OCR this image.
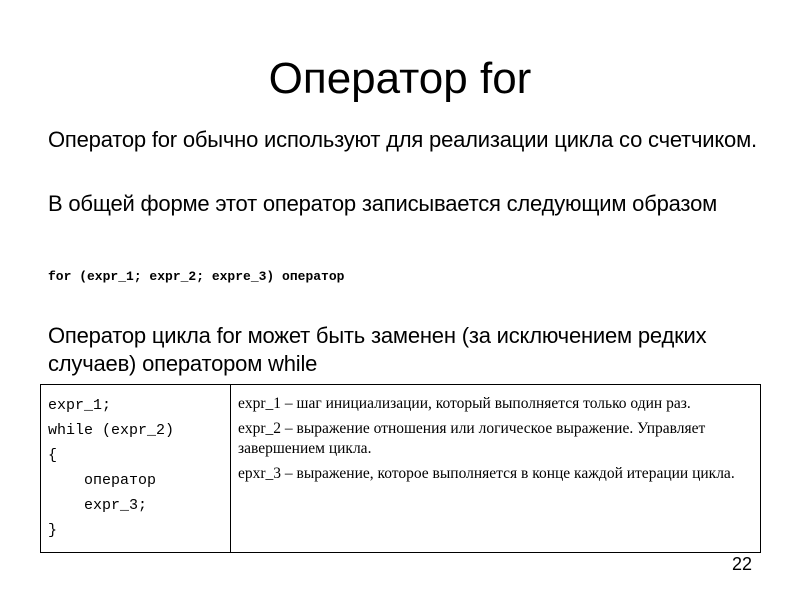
Оператор for

Оператор for обычно используют для реализации цикла со счетчиком.

В общей форме этот оператор записывается следующим образом

for (expr_1; expr_2; expre_3) оператор

Оператор цикла for может быть заменен (за исключением редких случаев) оператором while

expr_1;
while (expr_2)
{
оператор
expr_3;
}

expr_1 – шаг инициализации, который выполняется только один раз.

expr_2 – выражение отношения или логическое выражение. Управляет завершением цикла.

epxr_3 – выражение, которое выполняется в конце каждой итерации цикла.

22
